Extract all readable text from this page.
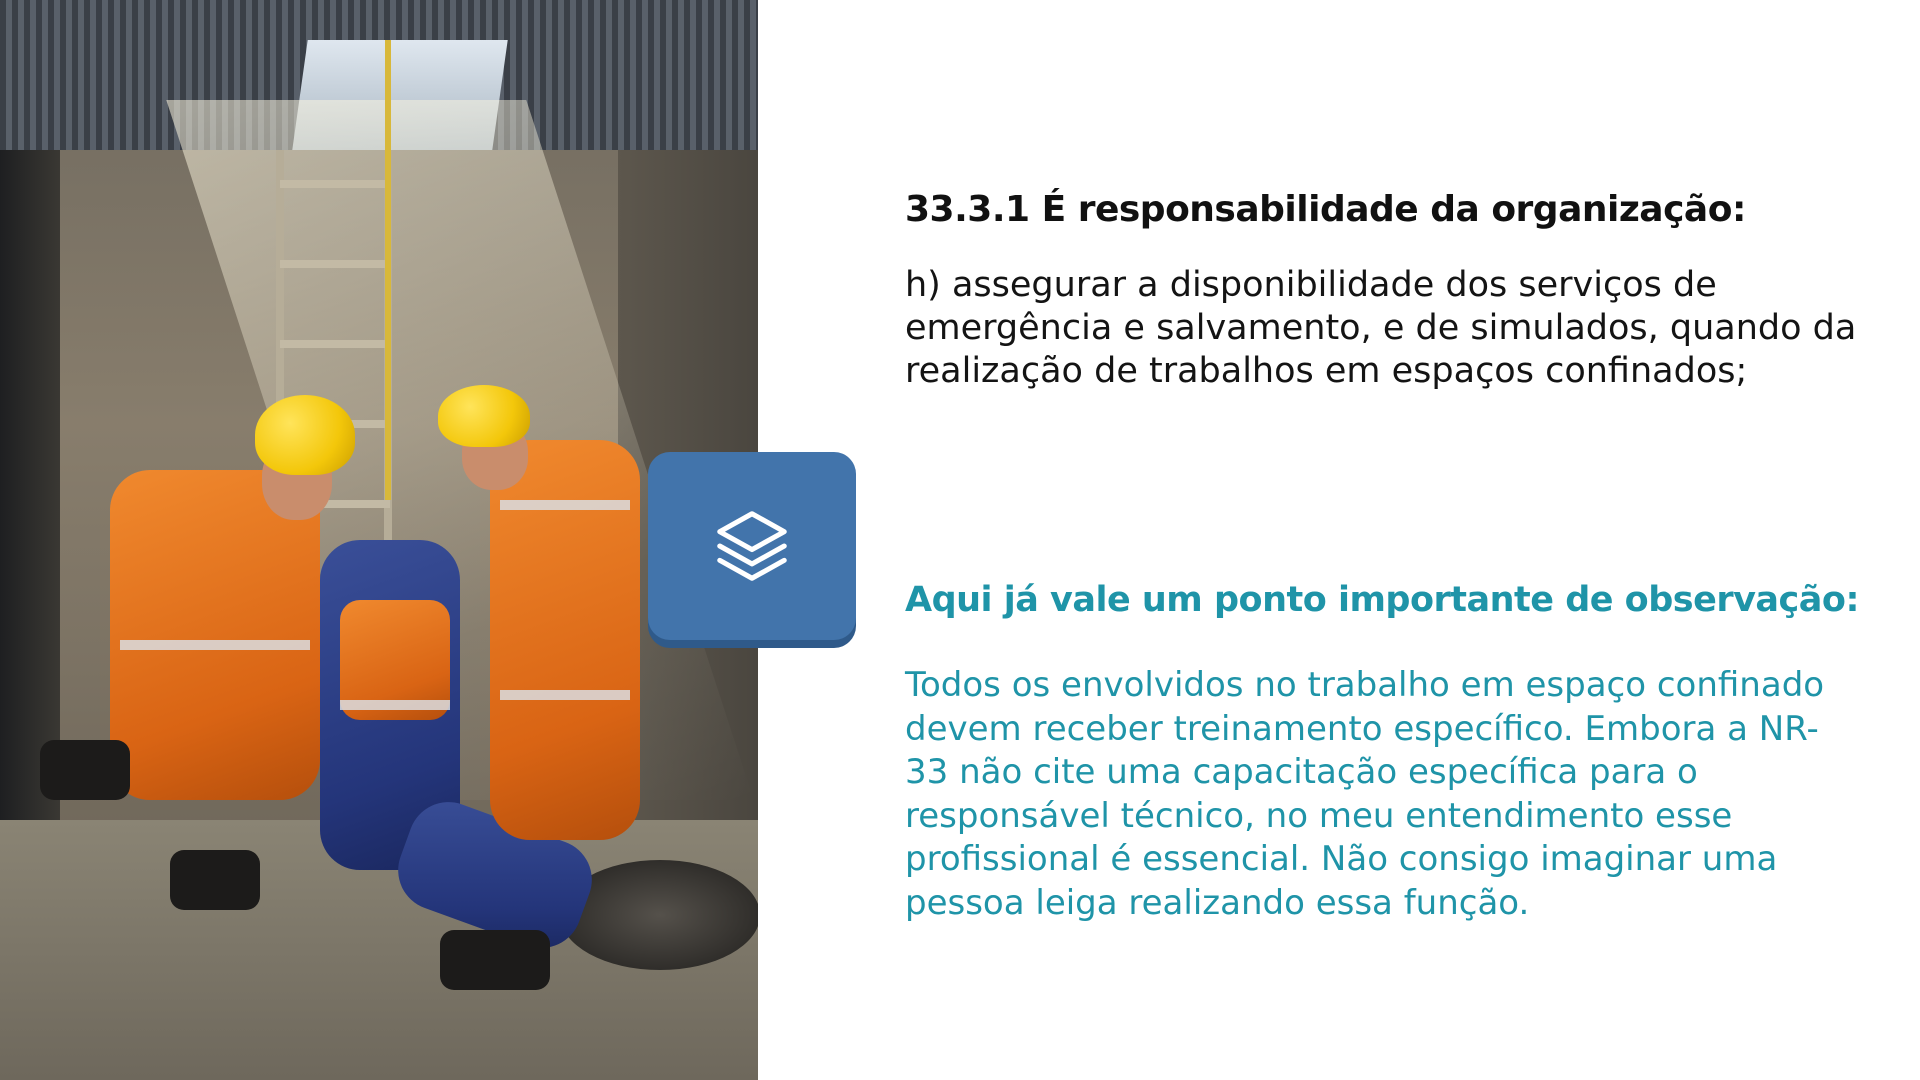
33.3.1 É responsabilidade da organização:

h) assegurar a disponibilidade dos serviços de emergência e salvamento, e de simulados, quando da realização de trabalhos em espaços confinados;

Aqui já vale um ponto importante de observação:

Todos os envolvidos no trabalho em espaço confinado devem receber treinamento específico. Embora a NR-33 não cite uma capacitação específica para o responsável técnico, no meu entendimento esse profissional é essencial. Não consigo imaginar uma pessoa leiga realizando essa função.
